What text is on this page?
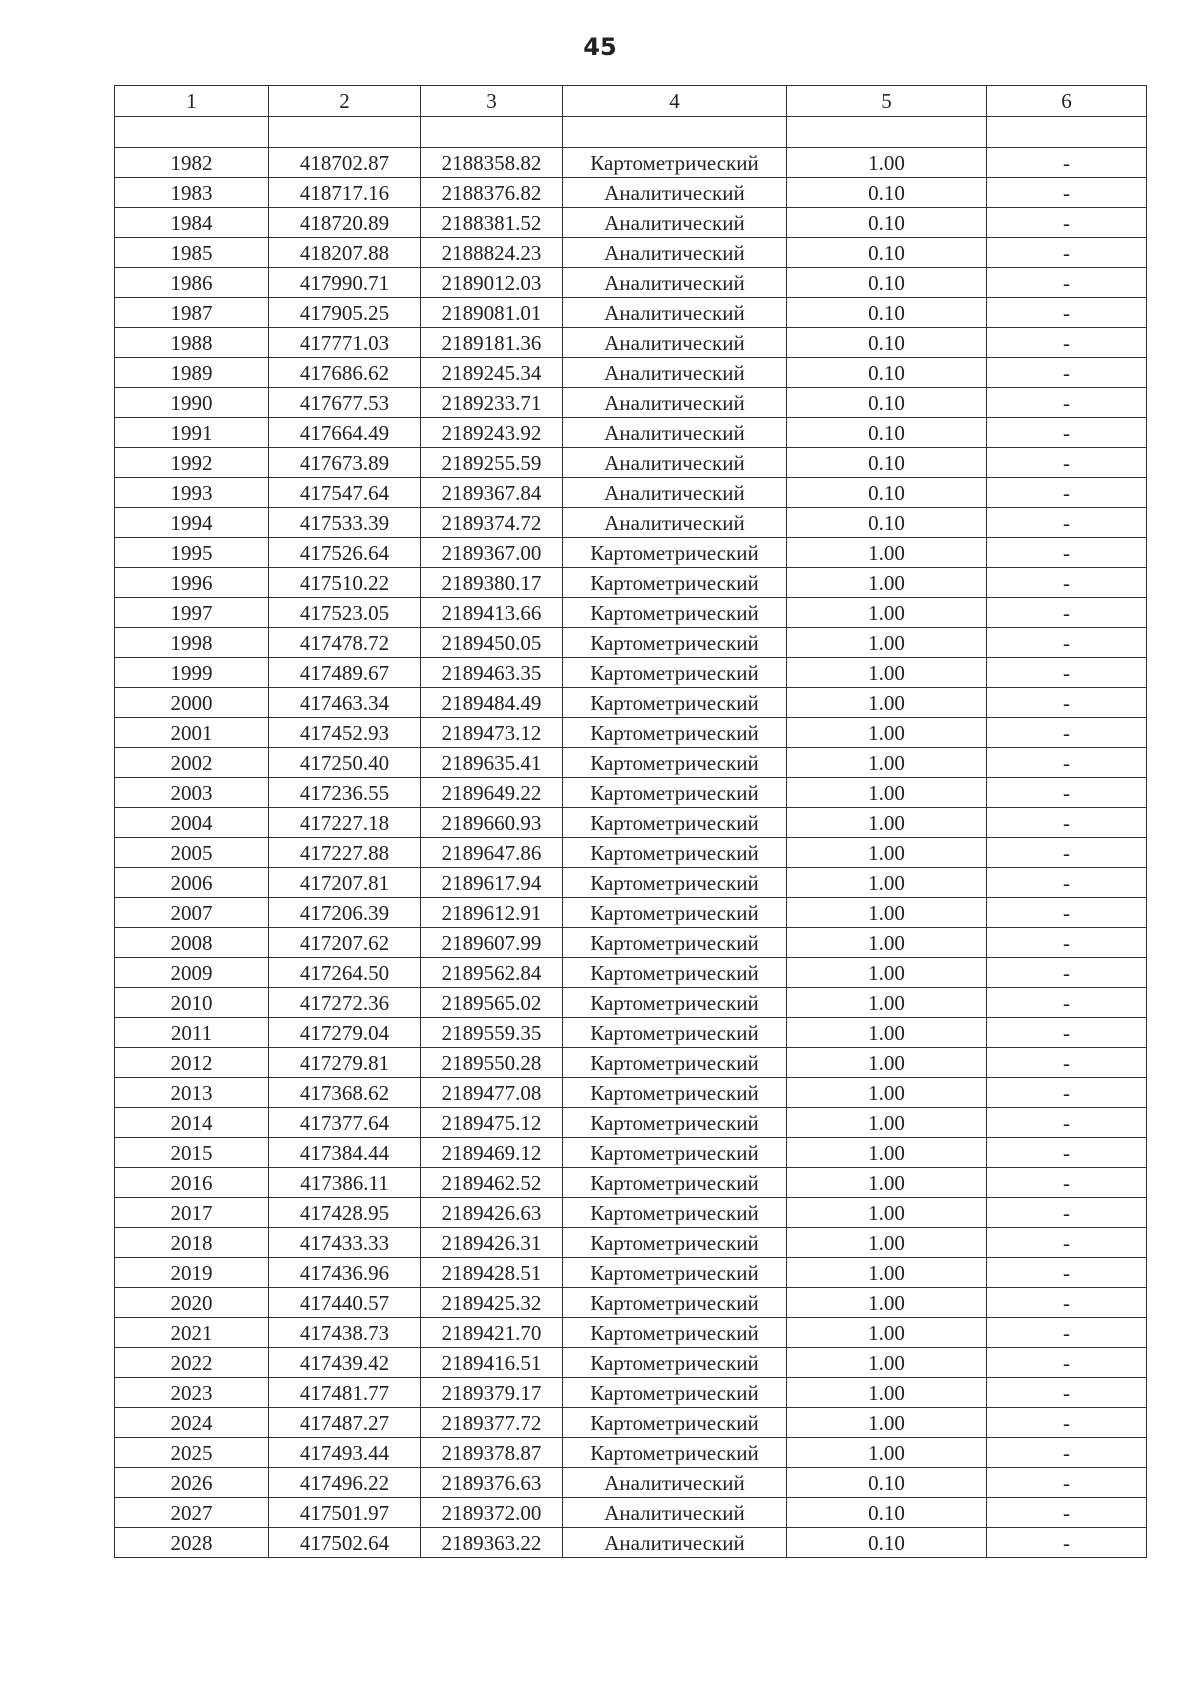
45
1	2	3	4	5	6

1982	418702.87	2188358.82	Картометрический	1.00	-
1983	418717.16	2188376.82	Аналитический	0.10	-
1984	418720.89	2188381.52	Аналитический	0.10	-
1985	418207.88	2188824.23	Аналитический	0.10	-
1986	417990.71	2189012.03	Аналитический	0.10	-
1987	417905.25	2189081.01	Аналитический	0.10	-
1988	417771.03	2189181.36	Аналитический	0.10	-
1989	417686.62	2189245.34	Аналитический	0.10	-
1990	417677.53	2189233.71	Аналитический	0.10	-
1991	417664.49	2189243.92	Аналитический	0.10	-
1992	417673.89	2189255.59	Аналитический	0.10	-
1993	417547.64	2189367.84	Аналитический	0.10	-
1994	417533.39	2189374.72	Аналитический	0.10	-
1995	417526.64	2189367.00	Картометрический	1.00	-
1996	417510.22	2189380.17	Картометрический	1.00	-
1997	417523.05	2189413.66	Картометрический	1.00	-
1998	417478.72	2189450.05	Картометрический	1.00	-
1999	417489.67	2189463.35	Картометрический	1.00	-
2000	417463.34	2189484.49	Картометрический	1.00	-
2001	417452.93	2189473.12	Картометрический	1.00	-
2002	417250.40	2189635.41	Картометрический	1.00	-
2003	417236.55	2189649.22	Картометрический	1.00	-
2004	417227.18	2189660.93	Картометрический	1.00	-
2005	417227.88	2189647.86	Картометрический	1.00	-
2006	417207.81	2189617.94	Картометрический	1.00	-
2007	417206.39	2189612.91	Картометрический	1.00	-
2008	417207.62	2189607.99	Картометрический	1.00	-
2009	417264.50	2189562.84	Картометрический	1.00	-
2010	417272.36	2189565.02	Картометрический	1.00	-
2011	417279.04	2189559.35	Картометрический	1.00	-
2012	417279.81	2189550.28	Картометрический	1.00	-
2013	417368.62	2189477.08	Картометрический	1.00	-
2014	417377.64	2189475.12	Картометрический	1.00	-
2015	417384.44	2189469.12	Картометрический	1.00	-
2016	417386.11	2189462.52	Картометрический	1.00	-
2017	417428.95	2189426.63	Картометрический	1.00	-
2018	417433.33	2189426.31	Картометрический	1.00	-
2019	417436.96	2189428.51	Картометрический	1.00	-
2020	417440.57	2189425.32	Картометрический	1.00	-
2021	417438.73	2189421.70	Картометрический	1.00	-
2022	417439.42	2189416.51	Картометрический	1.00	-
2023	417481.77	2189379.17	Картометрический	1.00	-
2024	417487.27	2189377.72	Картометрический	1.00	-
2025	417493.44	2189378.87	Картометрический	1.00	-
2026	417496.22	2189376.63	Аналитический	0.10	-
2027	417501.97	2189372.00	Аналитический	0.10	-
2028	417502.64	2189363.22	Аналитический	0.10	-
